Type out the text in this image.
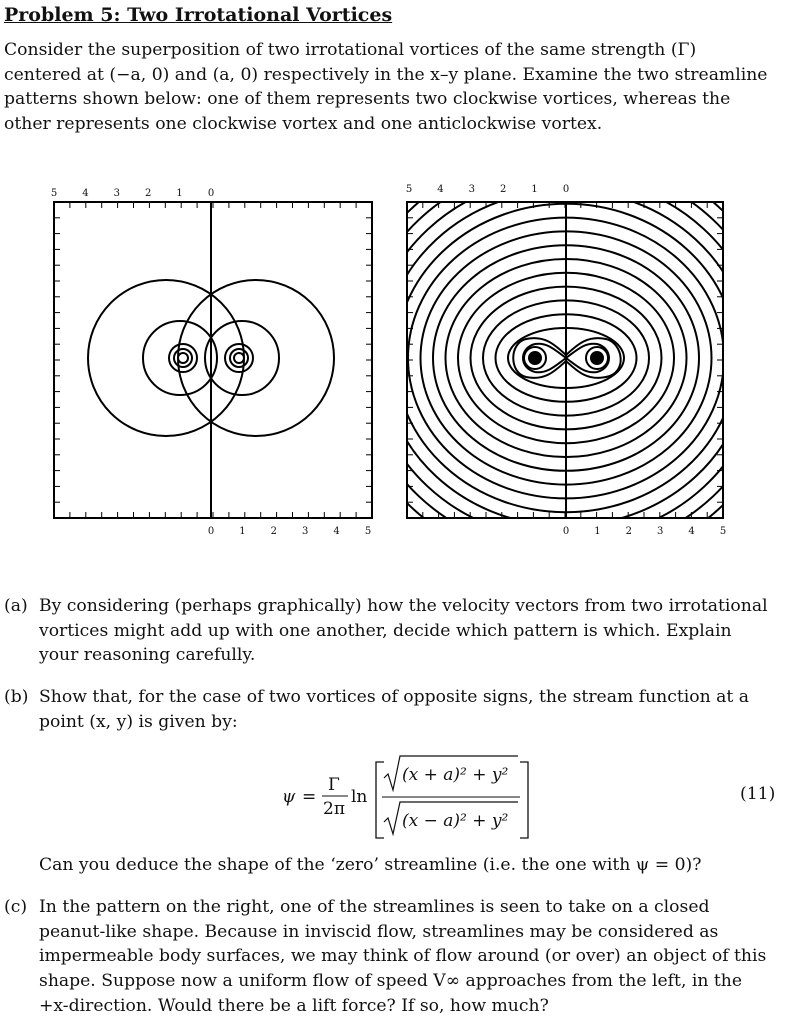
Problem 5: Two Irrotational Vortices
Consider the superposition of two irrotational vortices of the same strength (Γ) centered at (−a, 0) and (a, 0) respectively in the x–y plane. Examine the two streamline patterns shown below: one of them represents two clockwise vortices, whereas the other represents one clockwise vortex and one anticlockwise vortex.
5	4	3	2	1	0
0	1	2	3	4	5
5	4	3	2	1	0
0	1	2	3	4	5
(a) By considering (perhaps graphically) how the velocity vectors from two irrotational vortices might add up with one another, decide which pattern is which. Explain your reasoning carefully.
(b) Show that, for the case of two vortices of opposite signs, the stream function at a point (x, y) is given by:
ψ =
Γ
2π
ln
(x + a)² + y²
(x − a)² + y²
(11)
Can you deduce the shape of the ‘zero’ streamline (i.e. the one with ψ = 0)?
(c) In the pattern on the right, one of the streamlines is seen to take on a closed peanut-like shape. Because in inviscid flow, streamlines may be considered as impermeable body surfaces, we may think of flow around (or over) an object of this shape. Suppose now a uniform flow of speed V∞ approaches from the left, in the +x-direction. Would there be a lift force? If so, how much?
